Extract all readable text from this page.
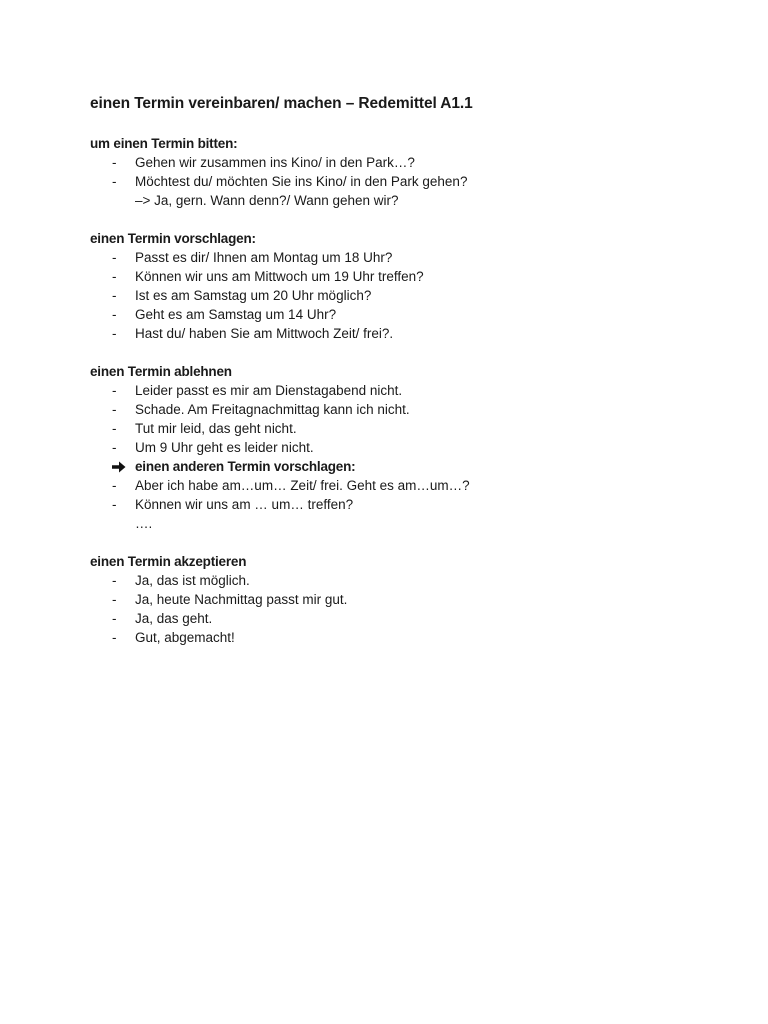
einen Termin vereinbaren/ machen – Redemittel A1.1
um einen Termin bitten:
-	Gehen wir zusammen ins Kino/ in den Park…?
-	Möchtest du/ möchten Sie ins Kino/ in den Park gehen?
–> Ja, gern. Wann denn?/ Wann gehen wir?
einen Termin vorschlagen:
-	Passt es dir/ Ihnen am Montag um 18 Uhr?
-	Können wir uns am Mittwoch um 19 Uhr treffen?
-	Ist es am Samstag um 20 Uhr möglich?
-	Geht es am Samstag um 14 Uhr?
-	Hast du/ haben Sie am Mittwoch Zeit/ frei?.
einen Termin ablehnen
-	Leider passt es mir am Dienstagabend nicht.
-	Schade. Am Freitagnachmittag kann ich nicht.
-	Tut mir leid, das geht nicht.
-	Um 9 Uhr geht es leider nicht.
einen anderen Termin vorschlagen:
-	Aber ich habe am…um… Zeit/ frei. Geht es am…um…?
-	Können wir uns am … um… treffen?
….
einen Termin akzeptieren
-	Ja, das ist möglich.
-	Ja, heute Nachmittag passt mir gut.
-	Ja, das geht.
-	Gut, abgemacht!
